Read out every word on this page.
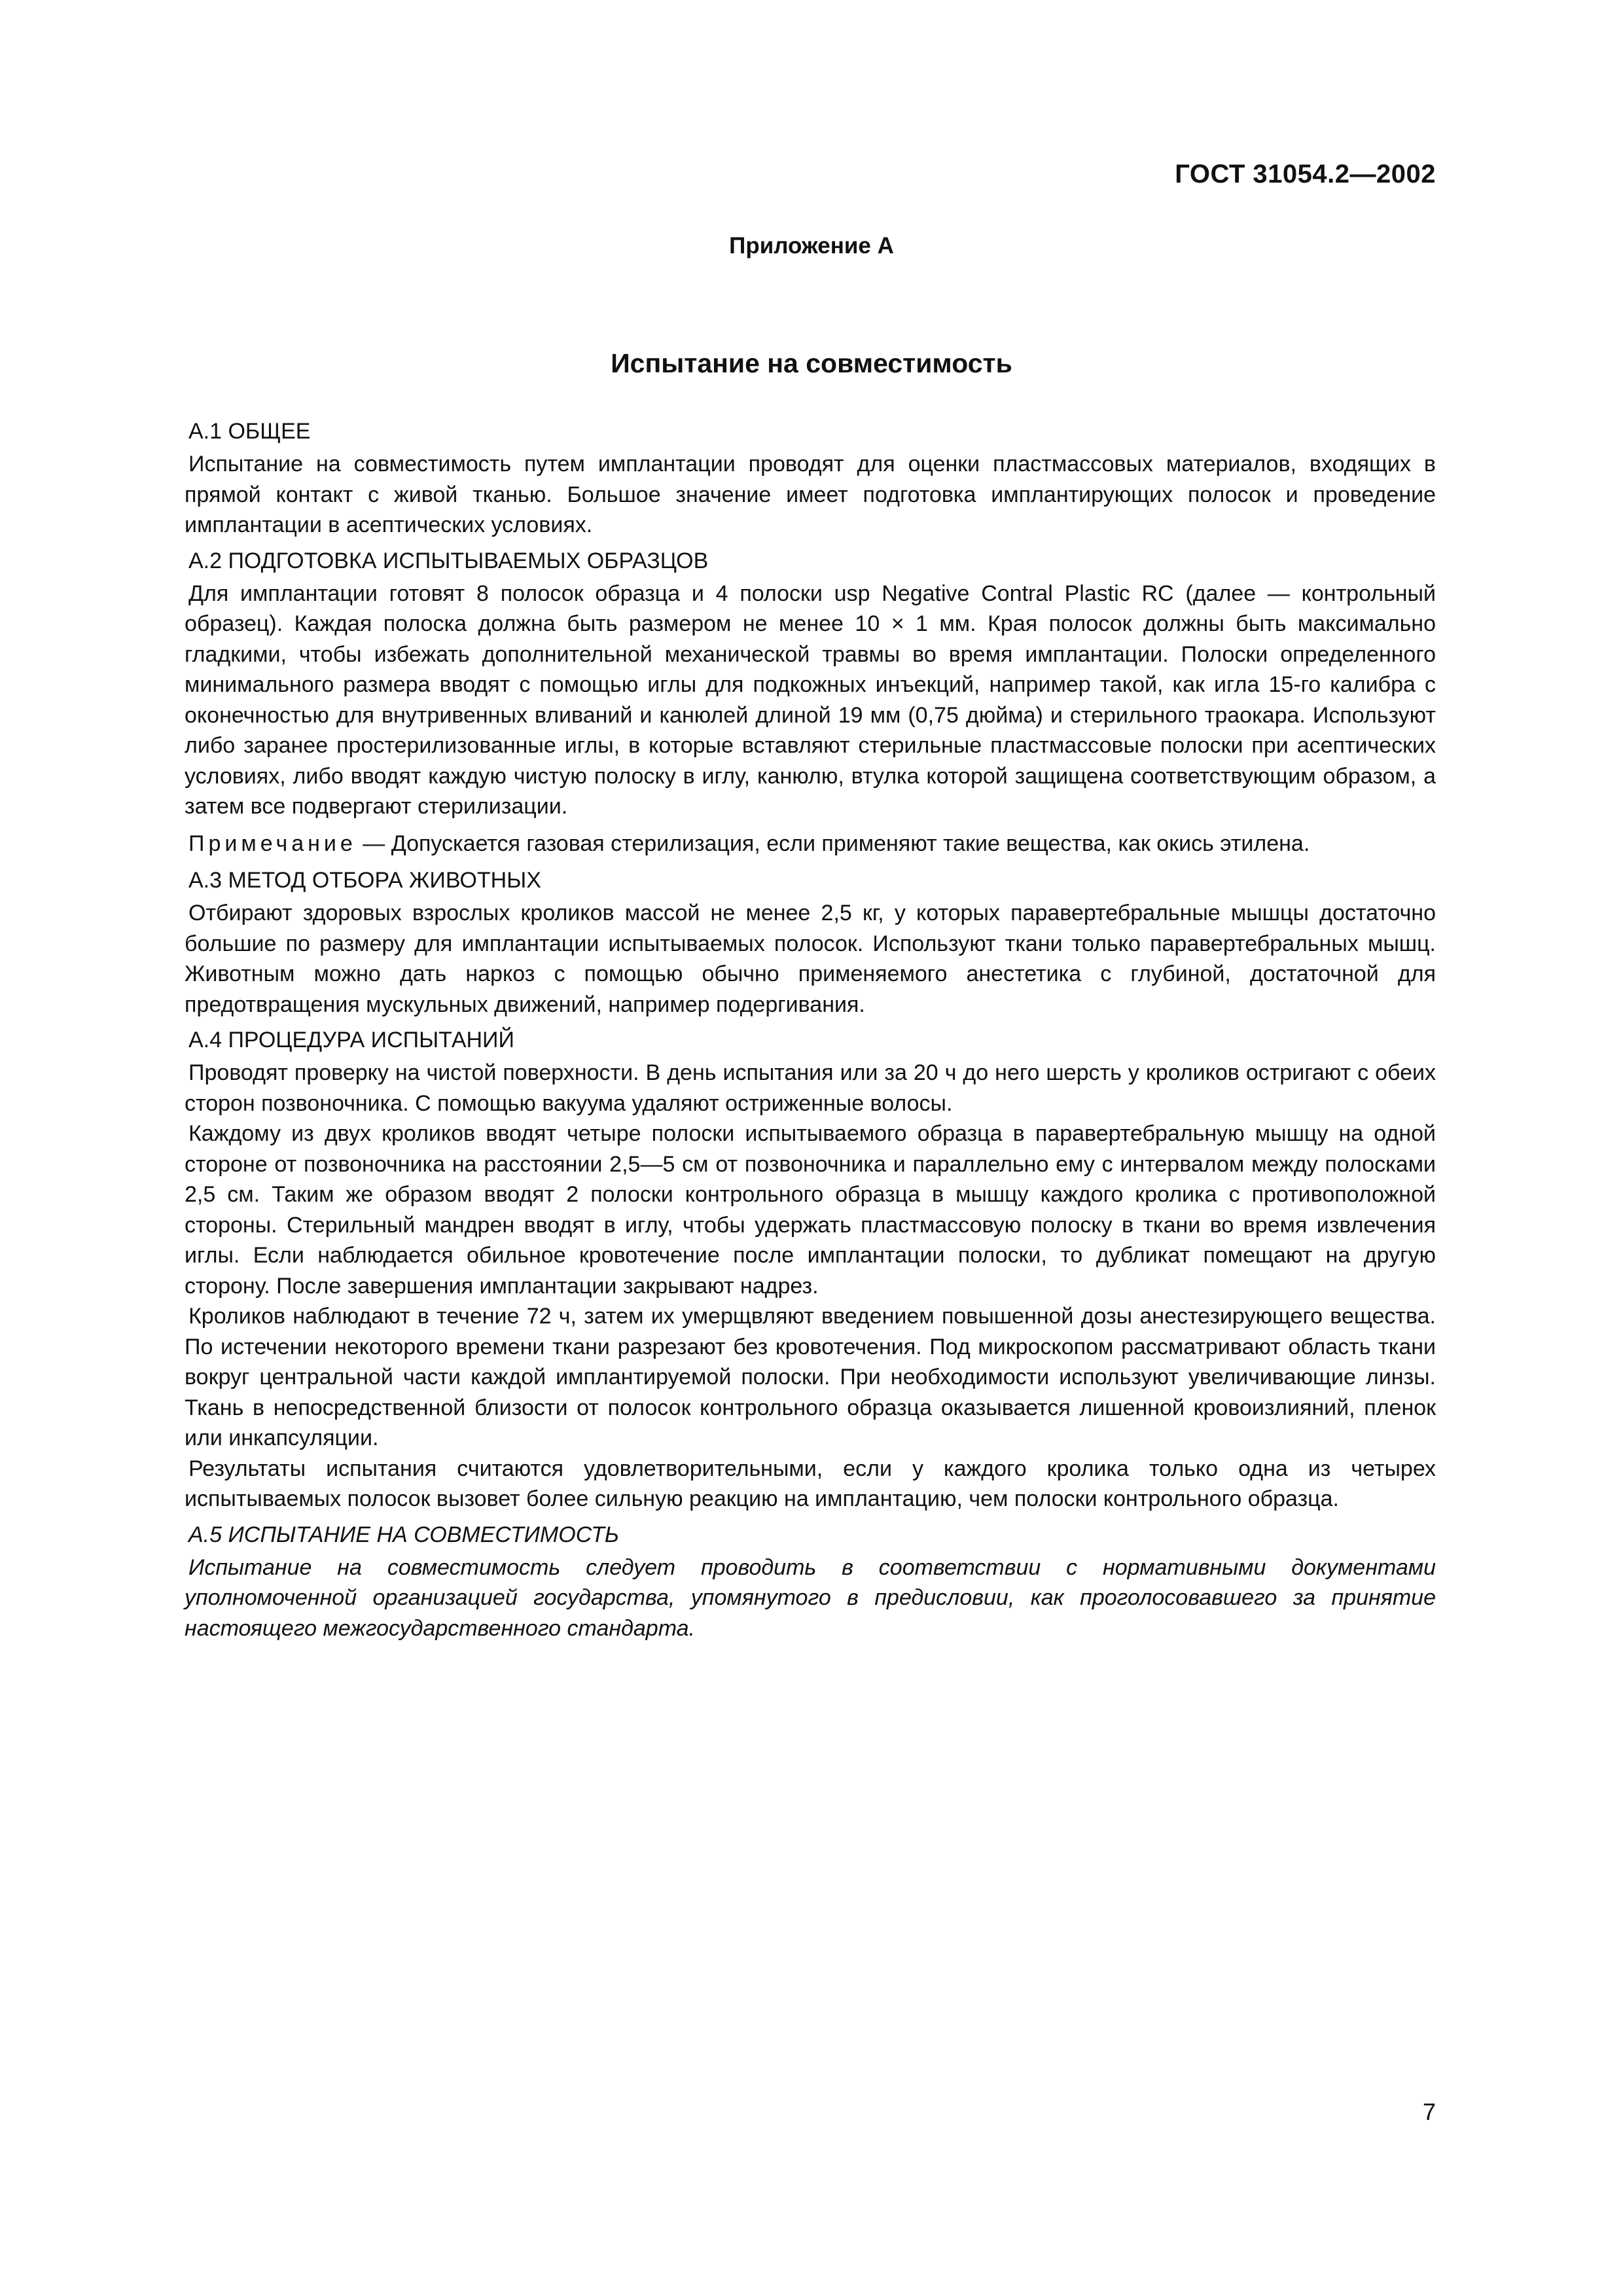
ГОСТ 31054.2—2002

Приложение А

Испытание на совместимость

А.1 ОБЩЕЕ

Испытание на совместимость путем имплантации проводят для оценки пластмассовых материалов, входящих в прямой контакт с живой тканью. Большое значение имеет подготовка имплантирующих полосок и проведение имплантации в асептических условиях.

А.2 ПОДГОТОВКА ИСПЫТЫВАЕМЫХ ОБРАЗЦОВ

Для имплантации готовят 8 полосок образца и 4 полоски usp Negative Contral Plastic RC (далее — контрольный образец). Каждая полоска должна быть размером не менее 10 × 1 мм. Края полосок должны быть максимально гладкими, чтобы избежать дополнительной механической травмы во время имплантации. Полоски определенного минимального размера вводят с помощью иглы для подкожных инъекций, например такой, как игла 15-го калибра с оконечностью для внутривенных вливаний и канюлей длиной 19 мм (0,75 дюйма) и стерильного траокара. Используют либо заранее простерилизованные иглы, в которые вставляют стерильные пластмассовые полоски при асептических условиях, либо вводят каждую чистую полоску в иглу, канюлю, втулка которой защищена соответствующим образом, а затем все подвергают стерилизации.

Примечание — Допускается газовая стерилизация, если применяют такие вещества, как окись этилена.

А.3 МЕТОД ОТБОРА ЖИВОТНЫХ

Отбирают здоровых взрослых кроликов массой не менее 2,5 кг, у которых паравертебральные мышцы достаточно большие по размеру для имплантации испытываемых полосок. Используют ткани только паравертебральных мышц. Животным можно дать наркоз с помощью обычно применяемого анестетика с глубиной, достаточной для предотвращения мускульных движений, например подергивания.

А.4 ПРОЦЕДУРА ИСПЫТАНИЙ

Проводят проверку на чистой поверхности. В день испытания или за 20 ч до него шерсть у кроликов остригают с обеих сторон позвоночника. С помощью вакуума удаляют остриженные волосы.

Каждому из двух кроликов вводят четыре полоски испытываемого образца в паравертебральную мышцу на одной стороне от позвоночника на расстоянии 2,5—5 см от позвоночника и параллельно ему с интервалом между полосками 2,5 см. Таким же образом вводят 2 полоски контрольного образца в мышцу каждого кролика с противоположной стороны. Стерильный мандрен вводят в иглу, чтобы удержать пластмассовую полоску в ткани во время извлечения иглы. Если наблюдается обильное кровотечение после имплантации полоски, то дубликат помещают на другую сторону. После завершения имплантации закрывают надрез.

Кроликов наблюдают в течение 72 ч, затем их умерщвляют введением повышенной дозы анестезирующего вещества. По истечении некоторого времени ткани разрезают без кровотечения. Под микроскопом рассматривают область ткани вокруг центральной части каждой имплантируемой полоски. При необходимости используют увеличивающие линзы. Ткань в непосредственной близости от полосок контрольного образца оказывается лишенной кровоизлияний, пленок или инкапсуляции.

Результаты испытания считаются удовлетворительными, если у каждого кролика только одна из четырех испытываемых полосок вызовет более сильную реакцию на имплантацию, чем полоски контрольного образца.

А.5 ИСПЫТАНИЕ НА СОВМЕСТИМОСТЬ

Испытание на совместимость следует проводить в соответствии с нормативными документами уполномоченной организацией государства, упомянутого в предисловии, как проголосовавшего за принятие настоящего межгосударственного стандарта.

7
